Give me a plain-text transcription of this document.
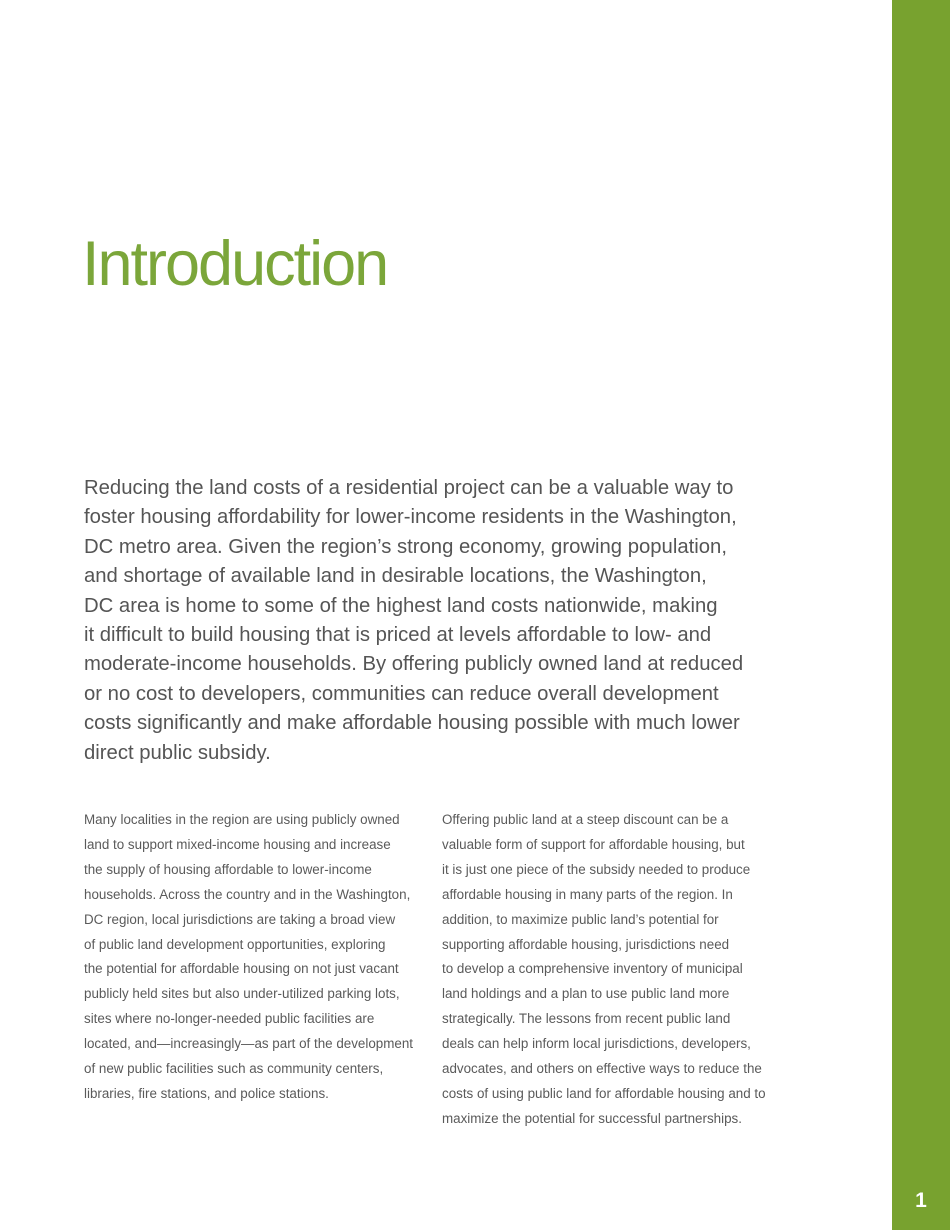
1
Introduction

Reducing the land costs of a residential project can be a valuable way to
foster housing affordability for lower-income residents in the Washington,
DC metro area. Given the region’s strong economy, growing population,
and shortage of available land in desirable locations, the Washington,
DC area is home to some of the highest land costs nationwide, making
it difficult to build housing that is priced at levels affordable to low- and
moderate-income households. By offering publicly owned land at reduced
or no cost to developers, communities can reduce overall development
costs significantly and make affordable housing possible with much lower
direct public subsidy.

Many localities in the region are using publicly owned
land to support mixed-income housing and increase
the supply of housing affordable to lower-income
households. Across the country and in the Washington,
DC region, local jurisdictions are taking a broad view
of public land development opportunities, exploring
the potential for affordable housing on not just vacant
publicly held sites but also under-utilized parking lots,
sites where no-longer-needed public facilities are
located, and—increasingly—as part of the development
of new public facilities such as community centers,
libraries, fire stations, and police stations.

Offering public land at a steep discount can be a
valuable form of support for affordable housing, but
it is just one piece of the subsidy needed to produce
affordable housing in many parts of the region. In
addition, to maximize public land’s potential for
supporting affordable housing, jurisdictions need
to develop a comprehensive inventory of municipal
land holdings and a plan to use public land more
strategically. The lessons from recent public land
deals can help inform local jurisdictions, developers,
advocates, and others on effective ways to reduce the
costs of using public land for affordable housing and to
maximize the potential for successful partnerships.
